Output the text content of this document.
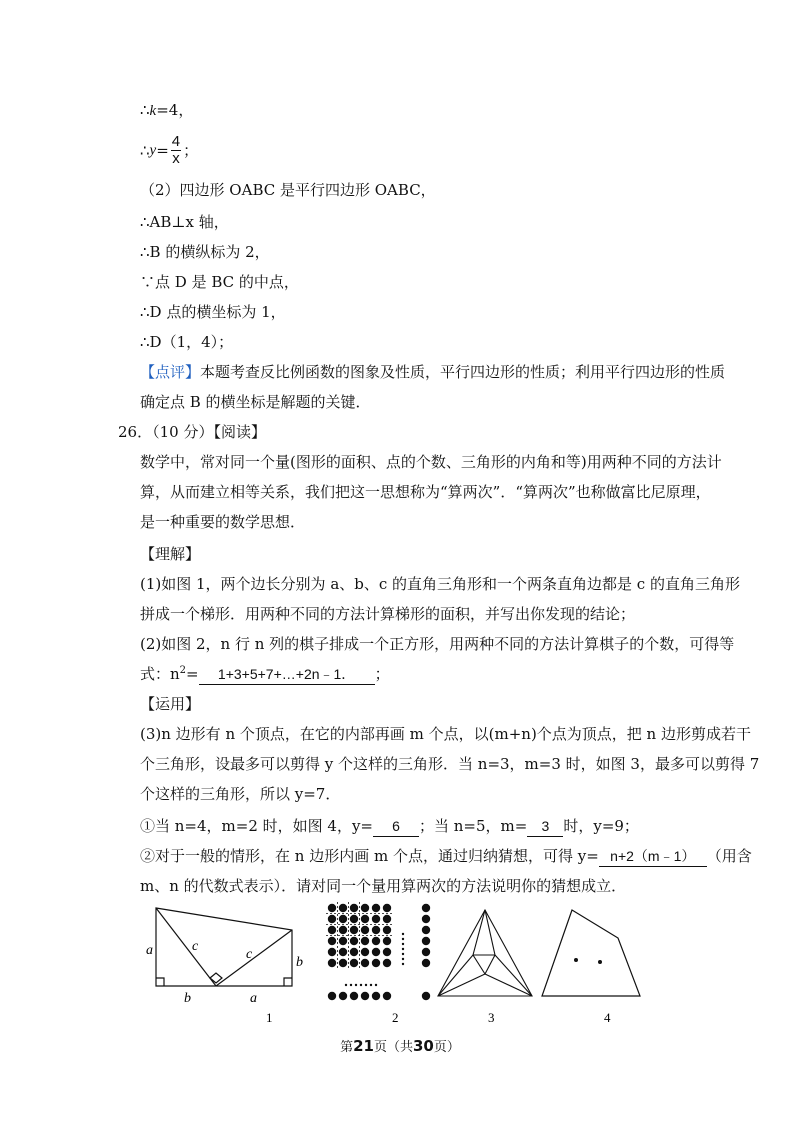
∴k=4，
∴y= $\frac{4}{x}$ ；
（2）四边形 OABC 是平行四边形 OABC，
∴AB⊥x 轴，
∴B 的横纵标为 2，
∵点 D 是 BC 的中点，
∴D 点的横坐标为 1，
∴D（1，4）；
【点评】本题考查反比例函数的图象及性质，平行四边形的性质；利用平行四边形的性质
确定点 B 的横坐标是解题的关键．
26．（10 分）【阅读】
数学中，常对同一个量(图形的面积、点的个数、三角形的内角和等)用两种不同的方法计
算，从而建立相等关系，我们把这一思想称为“算两次”．“算两次”也称做富比尼原理，
是一种重要的数学思想．
【理解】
(1)如图 1，两个边长分别为 a、b、c 的直角三角形和一个两条直角边都是 c 的直角三角形
拼成一个梯形．用两种不同的方法计算梯形的面积，并写出你发现的结论；
(2)如图 2，n 行 n 列的棋子排成一个正方形，用两种不同的方法计算棋子的个数，可得等
式：$n^2=$ 1+3+5+7+…+2n﹣1． ；
【运用】
(3)n 边形有 n 个顶点，在它的内部再画 m 个点，以(m+n)个点为顶点，把 n 边形剪成若干
个三角形，设最多可以剪得 y 个这样的三角形．当 n=3，m=3 时，如图 3，最多可以剪得 7
个这样的三角形，所以 y=7．
①当 n=4，m=2 时，如图 4，y= 6 ；当 n=5，m= 3 时，y=9；
②对于一般的情形，在 n 边形内画 m 个点，通过归纳猜想，可得 y= n+2（m﹣1） （用含
m、n 的代数式表示）．请对同一个量用算两次的方法说明你的猜想成立．
a
b
c
c
b	a
1	2	3	4
第21页（共30页）
